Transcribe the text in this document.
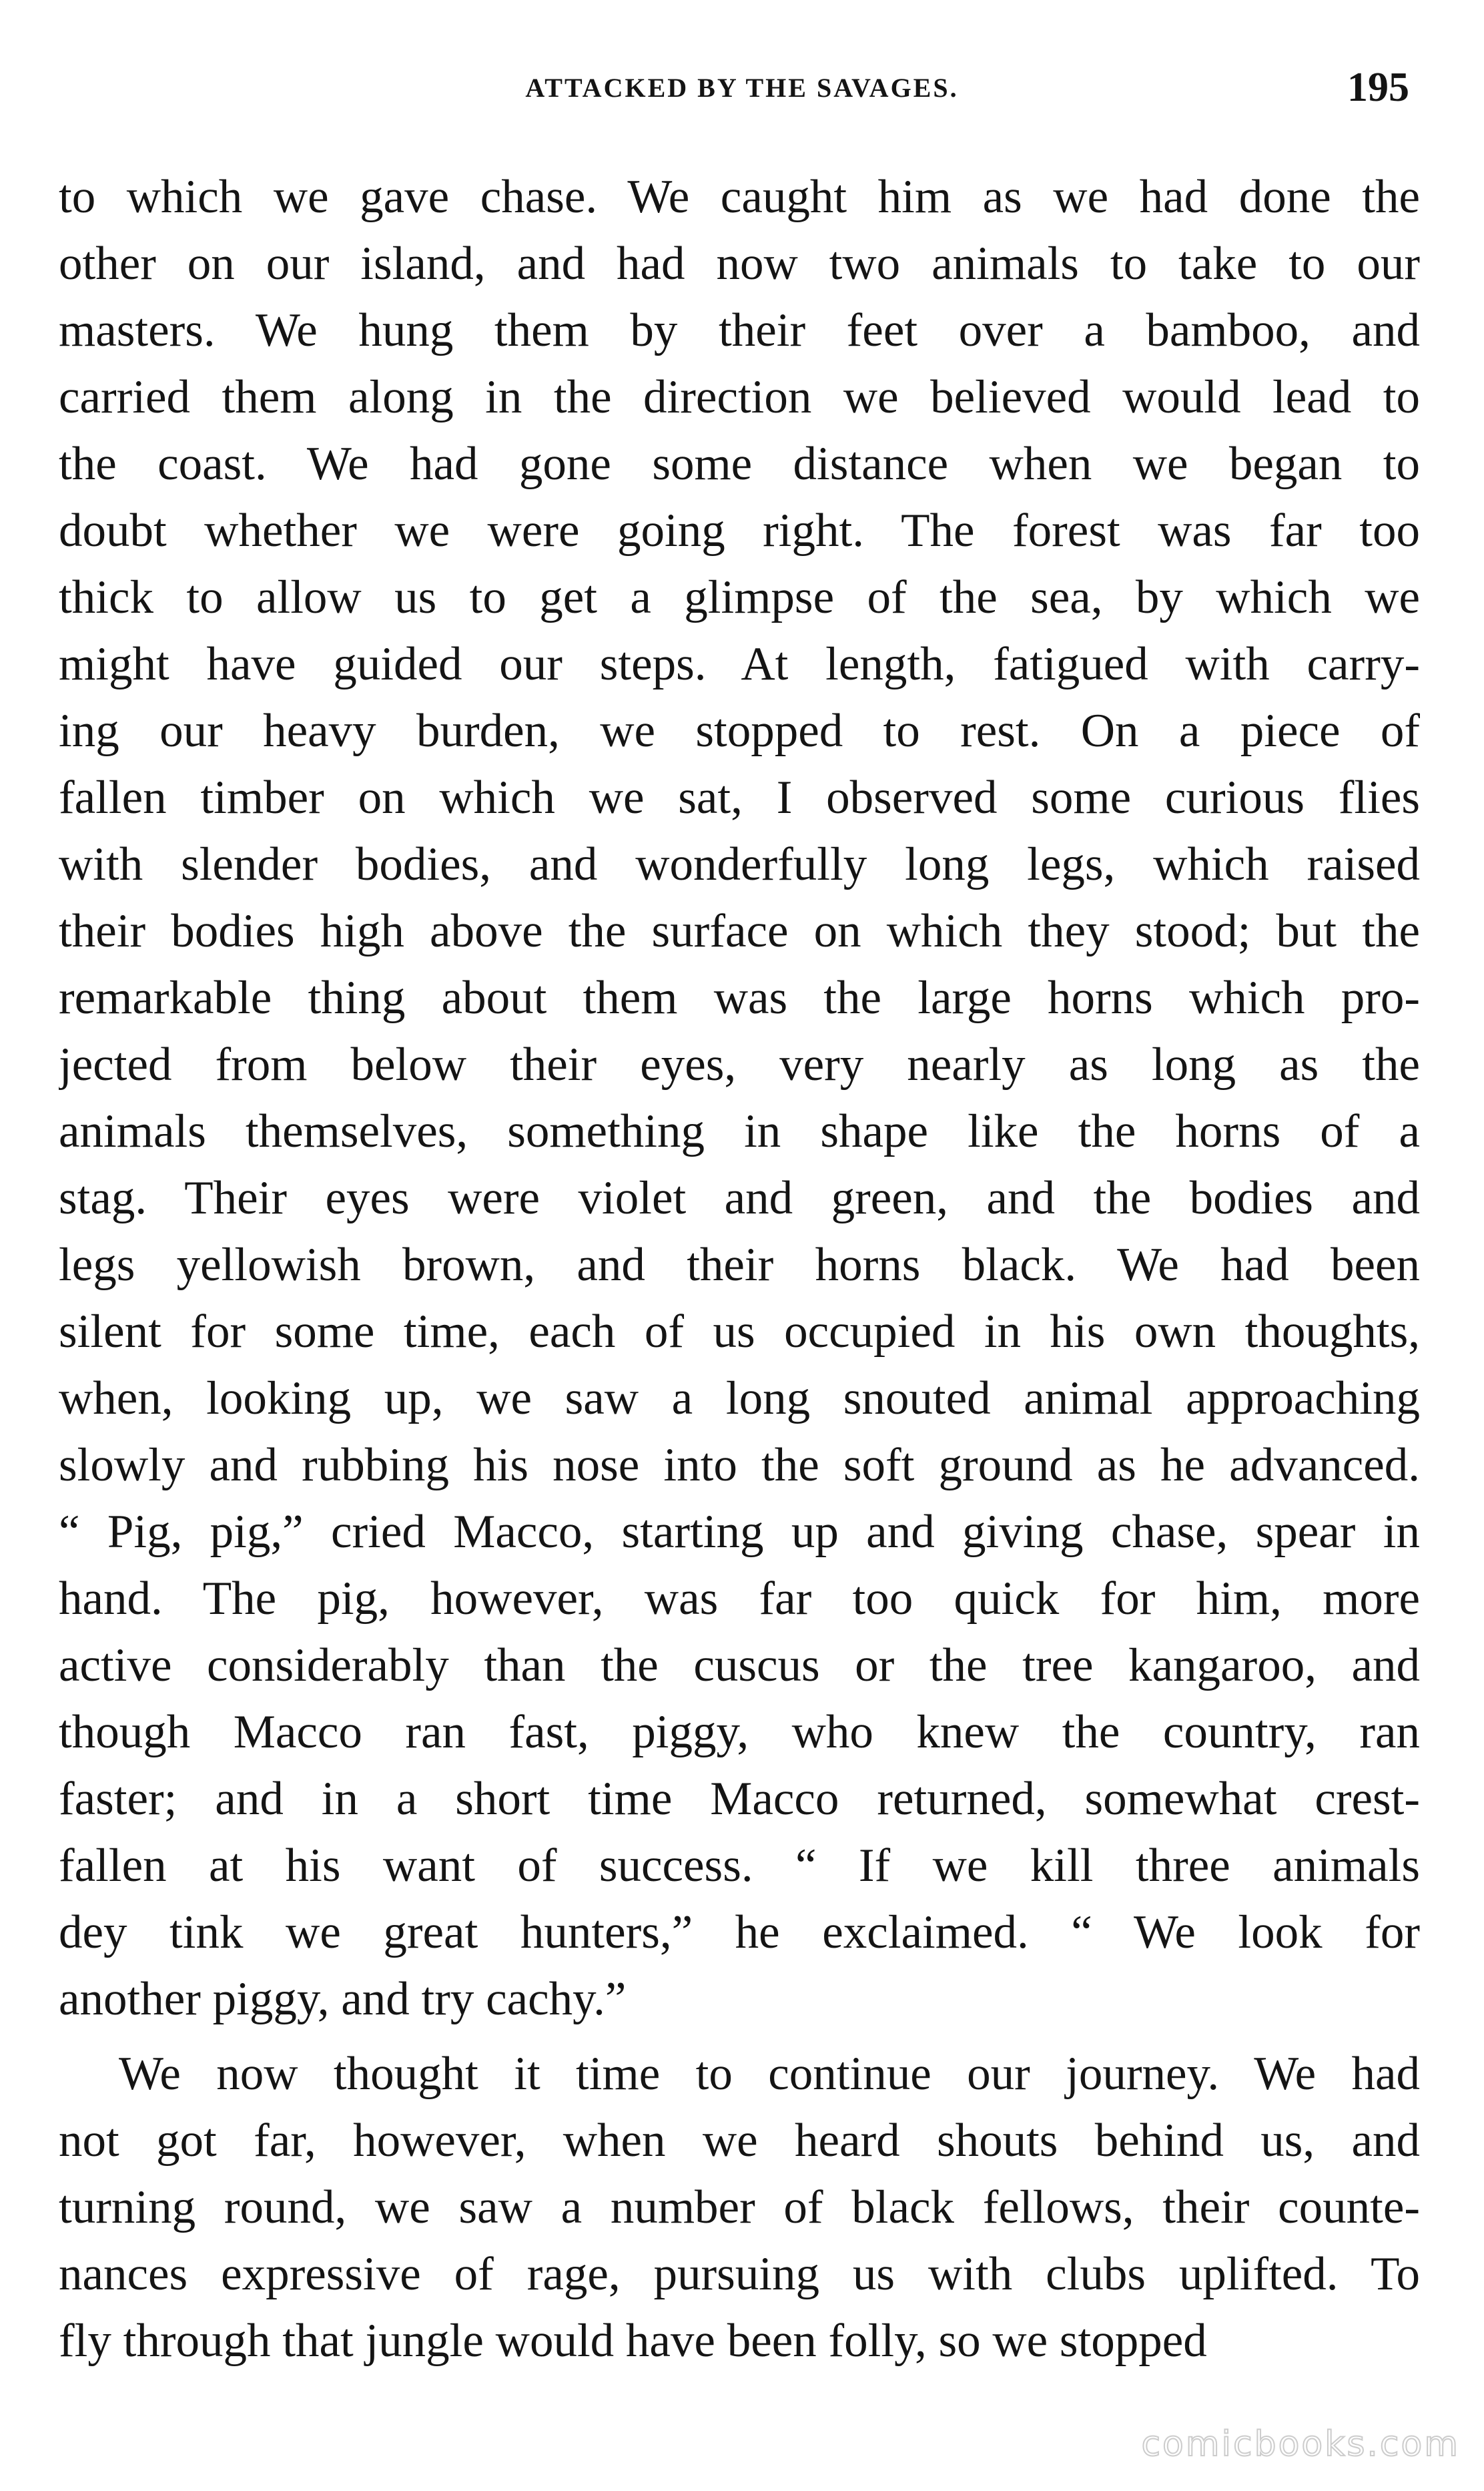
ATTACKED BY THE SAVAGES.	195
to which we gave chase. We caught him as we had done the
other on our island, and had now two animals to take to our
masters. We hung them by their feet over a bamboo, and
carried them along in the direction we believed would lead to
the coast. We had gone some distance when we began to
doubt whether we were going right. The forest was far too
thick to allow us to get a glimpse of the sea, by which we
might have guided our steps. At length, fatigued with carry-
ing our heavy burden, we stopped to rest. On a piece of
fallen timber on which we sat, I observed some curious flies
with slender bodies, and wonderfully long legs, which raised
their bodies high above the surface on which they stood; but the
remarkable thing about them was the large horns which pro-
jected from below their eyes, very nearly as long as the
animals themselves, something in shape like the horns of a
stag. Their eyes were violet and green, and the bodies and
legs yellowish brown, and their horns black. We had been
silent for some time, each of us occupied in his own thoughts,
when, looking up, we saw a long snouted animal approaching
slowly and rubbing his nose into the soft ground as he advanced.
“ Pig, pig,” cried Macco, starting up and giving chase, spear in
hand. The pig, however, was far too quick for him, more
active considerably than the cuscus or the tree kangaroo, and
though Macco ran fast, piggy, who knew the country, ran
faster; and in a short time Macco returned, somewhat crest-
fallen at his want of success. “ If we kill three animals
dey tink we great hunters,” he exclaimed. “ We look for
another piggy, and try cachy.”
We now thought it time to continue our journey. We had
not got far, however, when we heard shouts behind us, and
turning round, we saw a number of black fellows, their counte-
nances expressive of rage, pursuing us with clubs uplifted. To
fly through that jungle would have been folly, so we stopped
comicbooks.com
